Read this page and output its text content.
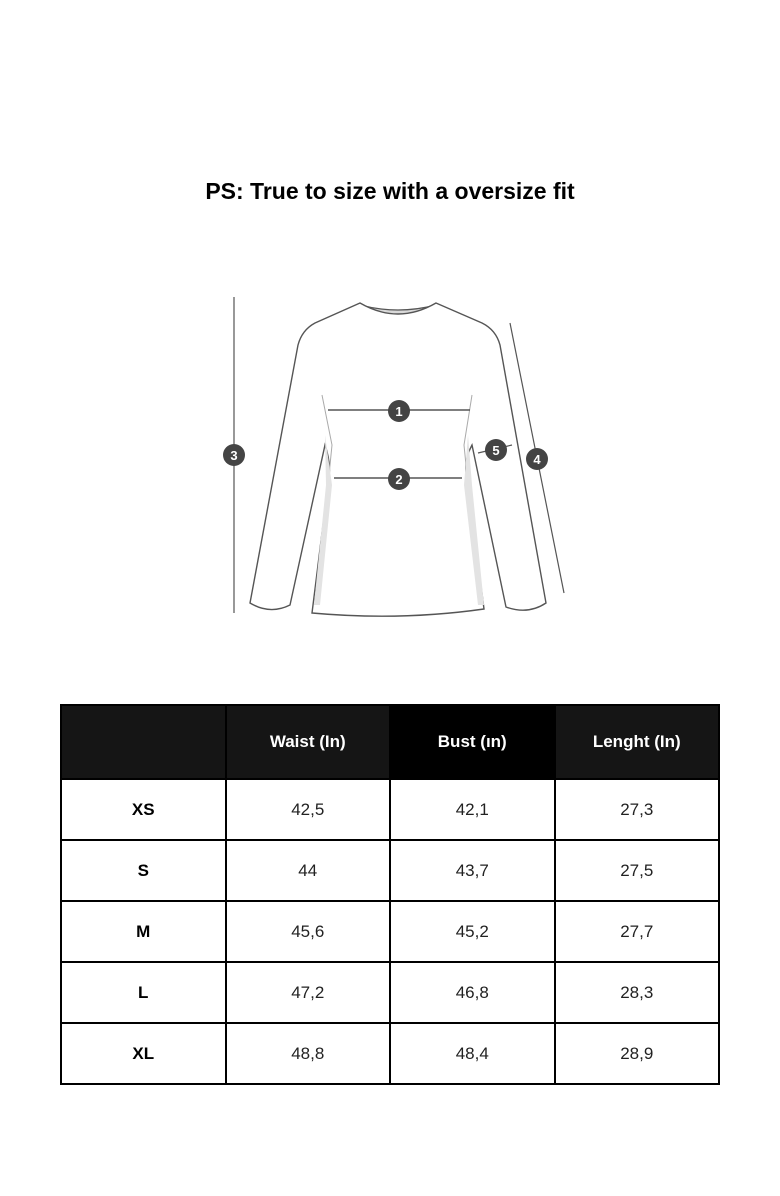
PS: True to size with a oversize fit
1
2
3	4
5
	Waist (In)	Bust (ın)	Lenght (In)
XS	42,5	42,1	27,3
S	44	43,7	27,5
M	45,6	45,2	27,7
L	47,2	46,8	28,3
XL	48,8	48,4	28,9
